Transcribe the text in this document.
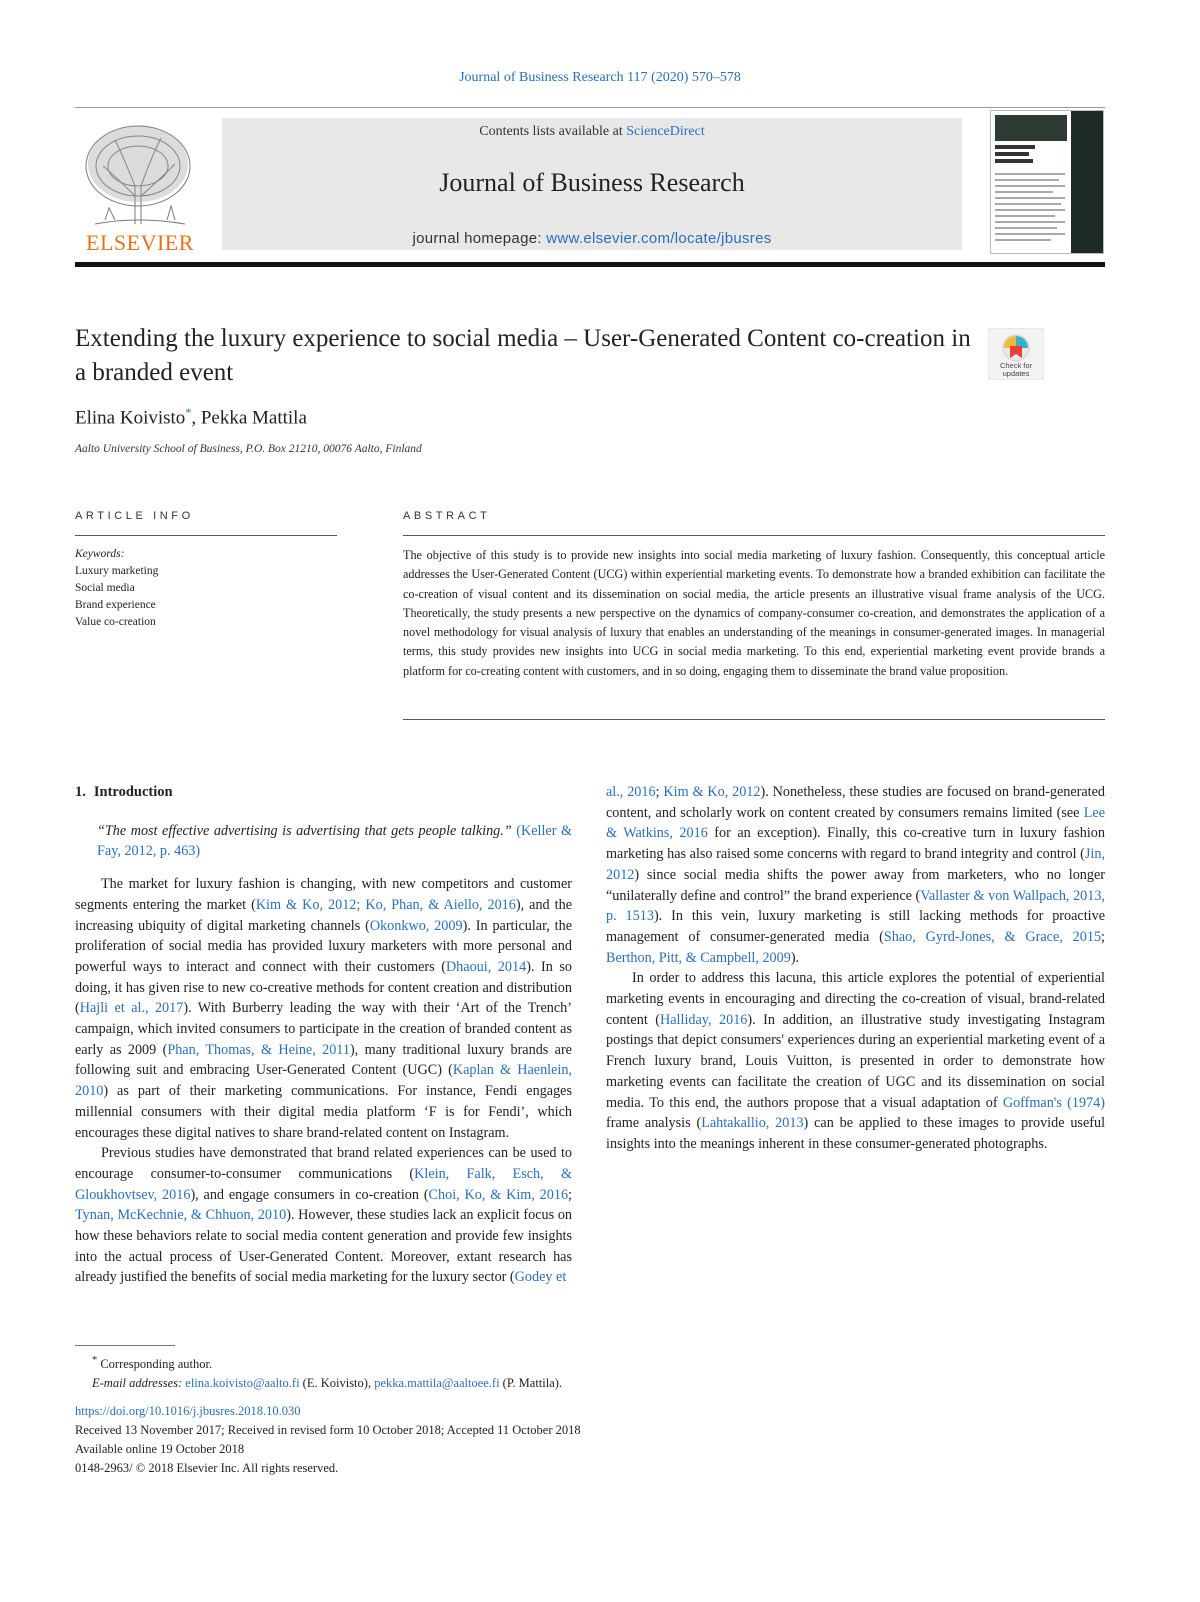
Journal of Business Research 117 (2020) 570–578
ELSEVIER
Contents lists available at ScienceDirect
Journal of Business Research
journal homepage: www.elsevier.com/locate/jbusres
Extending the luxury experience to social media – User-Generated Content co-creation in a branded event	Check for updates
Elina Koivisto*, Pekka Mattila
Aalto University School of Business, P.O. Box 21210, 00076 Aalto, Finland
ARTICLE INFO	ABSTRACT
Keywords:
Luxury marketing
Social media
Brand experience
Value co-creation
The objective of this study is to provide new insights into social media marketing of luxury fashion. Consequently, this conceptual article addresses the User-Generated Content (UCG) within experiential marketing events. To demonstrate how a branded exhibition can facilitate the co-creation of visual content and its dissemination on social media, the article presents an illustrative visual frame analysis of the UCG. Theoretically, the study presents a new perspective on the dynamics of company-consumer co-creation, and demonstrates the application of a novel methodology for visual analysis of luxury that enables an understanding of the meanings in consumer-generated images. In managerial terms, this study provides new insights into UCG in social media marketing. To this end, experiential marketing event provide brands a platform for co-creating content with customers, and in so doing, engaging them to disseminate the brand value proposition.

1. Introduction

“The most effective advertising is advertising that gets people talking.” (Keller & Fay, 2012, p. 463)

The market for luxury fashion is changing, with new competitors and customer segments entering the market (Kim & Ko, 2012; Ko, Phan, & Aiello, 2016), and the increasing ubiquity of digital marketing channels (Okonkwo, 2009). In particular, the proliferation of social media has provided luxury marketers with more personal and powerful ways to interact and connect with their customers (Dhaoui, 2014). In so doing, it has given rise to new co-creative methods for content creation and distribution (Hajli et al., 2017). With Burberry leading the way with their ‘Art of the Trench’ campaign, which invited consumers to participate in the creation of branded content as early as 2009 (Phan, Thomas, & Heine, 2011), many traditional luxury brands are following suit and embracing User-Generated Content (UGC) (Kaplan & Haenlein, 2010) as part of their marketing communications. For instance, Fendi engages millennial consumers with their digital media platform ‘F is for Fendi’, which encourages these digital natives to share brand-related content on Instagram.

Previous studies have demonstrated that brand related experiences can be used to encourage consumer-to-consumer communications (Klein, Falk, Esch, & Gloukhovtsev, 2016), and engage consumers in co-creation (Choi, Ko, & Kim, 2016; Tynan, McKechnie, & Chhuon, 2010). However, these studies lack an explicit focus on how these behaviors relate to social media content generation and provide few insights into the actual process of User-Generated Content. Moreover, extant research has already justified the benefits of social media marketing for the luxury sector (Godey et

al., 2016; Kim & Ko, 2012). Nonetheless, these studies are focused on brand-generated content, and scholarly work on content created by consumers remains limited (see Lee & Watkins, 2016 for an exception). Finally, this co-creative turn in luxury fashion marketing has also raised some concerns with regard to brand integrity and control (Jin, 2012) since social media shifts the power away from marketers, who no longer “unilaterally define and control” the brand experience (Vallaster & von Wallpach, 2013, p. 1513). In this vein, luxury marketing is still lacking methods for proactive management of consumer-generated media (Shao, Gyrd-Jones, & Grace, 2015; Berthon, Pitt, & Campbell, 2009).

In order to address this lacuna, this article explores the potential of experiential marketing events in encouraging and directing the co-creation of visual, brand-related content (Halliday, 2016). In addition, an illustrative study investigating Instagram postings that depict consumers' experiences during an experiential marketing event of a French luxury brand, Louis Vuitton, is presented in order to demonstrate how marketing events can facilitate the creation of UGC and its dissemination on social media. To this end, the authors propose that a visual adaptation of Goffman's (1974) frame analysis (Lahtakallio, 2013) can be applied to these images to provide useful insights into the meanings inherent in these consumer-generated photographs.

* Corresponding author.
E-mail addresses: elina.koivisto@aalto.fi (E. Koivisto), pekka.mattila@aaltoee.fi (P. Mattila).
https://doi.org/10.1016/j.jbusres.2018.10.030
Received 13 November 2017; Received in revised form 10 October 2018; Accepted 11 October 2018
Available online 19 October 2018
0148-2963/ © 2018 Elsevier Inc. All rights reserved.
